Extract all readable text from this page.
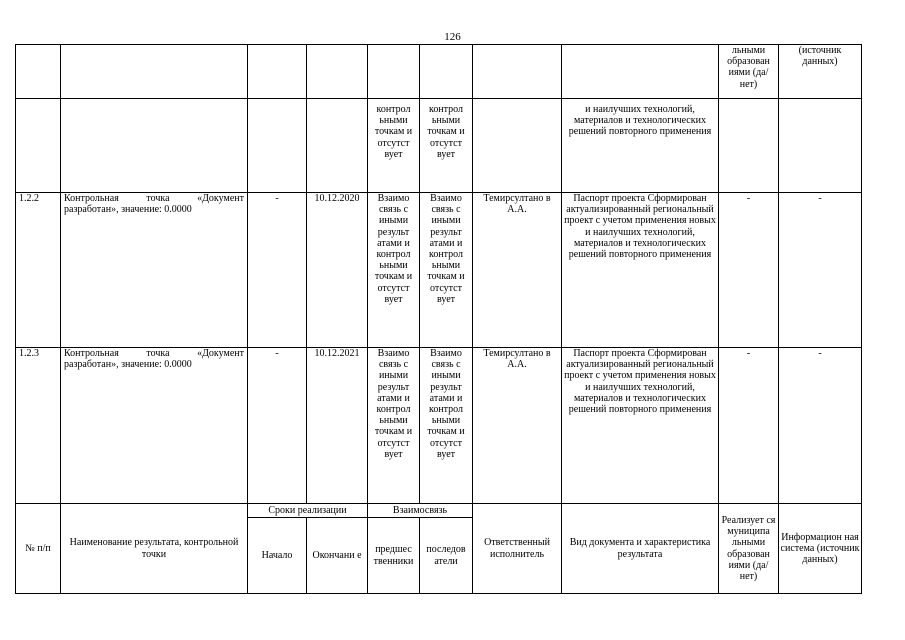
126
								льными образован иями (да/нет)	(источник данных)
				контрол ьными точкам и отсутст вует	контрол ьными точкам и отсутст вует		и наилучших технологий, материалов и технологических решений повторного применения		
1.2.2	Контрольная точка «Документ разработан», значение: 0.0000	-	10.12.2020	Взаимо связь с иными результ атами и контрол ьными точкам и отсутст вует	Взаимо связь с иными результ атами и контрол ьными точкам и отсутст вует	Темирсултано в А.А.	Паспорт проекта Сформирован актуализированный региональный проект с учетом применения новых и наилучших технологий, материалов и технологических решений повторного применения	-	-
1.2.3	Контрольная точка «Документ разработан», значение: 0.0000	-	10.12.2021	Взаимо связь с иными результ атами и контрол ьными точкам и отсутст вует	Взаимо связь с иными результ атами и контрол ьными точкам и отсутст вует	Темирсултано в А.А.	Паспорт проекта Сформирован актуализированный региональный проект с учетом применения новых и наилучших технологий, материалов и технологических решений повторного применения	-	-
№ п/п	Наименование результата, контрольной точки	Сроки реализации		Взаимосвязь		Ответственный исполнитель	Вид документа и характеристика результата	Реализует ся муниципа льными образован иями (да/нет)	Информацион ная система (источник данных)
		Начало	Окончани е	предшес твенники	последов атели				
